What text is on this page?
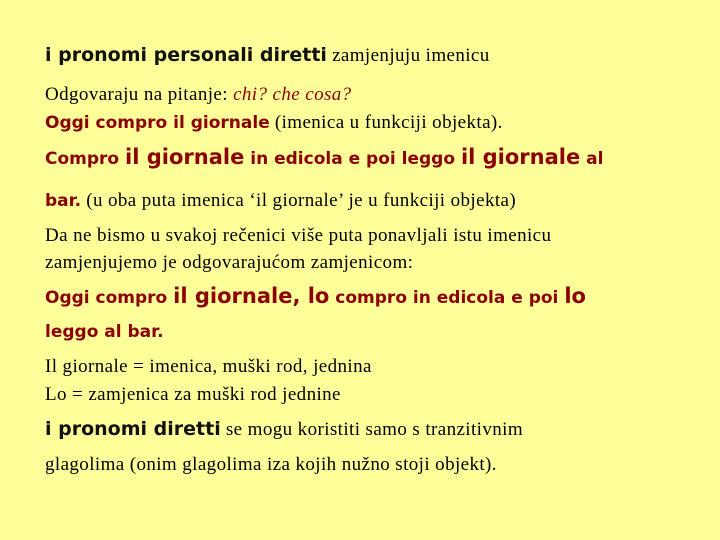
i pronomi personali diretti zamjenjuju imenicu
Odgovaraju na pitanje: chi? che cosa?
Oggi compro il giornale (imenica u funkciji objekta).
Compro il giornale in edicola e poi leggo il giornale al
bar. (u oba puta imenica ‘il giornale’ je u funkciji objekta)
Da ne bismo u svakoj rečenici više puta ponavljali istu imenicu
zamjenjujemo je odgovarajućom zamjenicom:
Oggi compro il giornale, lo compro in edicola e poi lo
leggo al bar.
Il giornale = imenica, muški rod, jednina
Lo = zamjenica za muški rod jednine
i pronomi diretti se mogu koristiti samo s tranzitivnim
glagolima (onim glagolima iza kojih nužno stoji objekt).
